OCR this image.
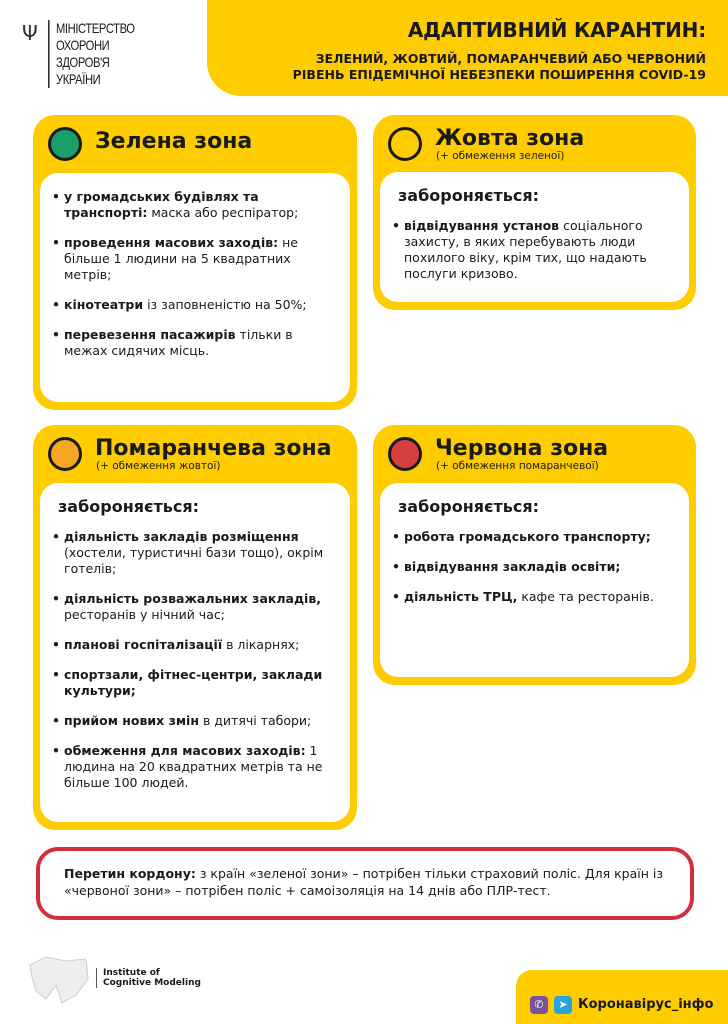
Ψ МІНІСТЕРСТВО
ОХОРОНИ
ЗДОРОВ'Я
УКРАЇНИ
АДАПТИВНИЙ КАРАНТИН:
ЗЕЛЕНИЙ, ЖОВТИЙ, ПОМАРАНЧЕВИЙ АБО ЧЕРВОНИЙ
РІВЕНЬ ЕПІДЕМІЧНОЇ НЕБЕЗПЕКИ ПОШИРЕННЯ COVID-19
Зелена зона
• у громадських будівлях та транспорті: маска або респіратор;
• проведення масових заходів: не більше 1 людини на 5 квадратних метрів;
• кінотеатри із заповненістю на 50%;
• перевезення пасажирів тільки в межах сидячих місць.
Жовта зона
(+ обмеження зеленої)
забороняється:
• відвідування установ соціального захисту, в яких перебувають люди похилого віку, крім тих, що надають послуги кризово.
Помаранчева зона
(+ обмеження жовтої)
забороняється:
• діяльність закладів розміщення (хостели, туристичні бази тощо), окрім готелів;
• діяльність розважальних закладів, ресторанів у нічний час;
• планові госпіталізації в лікарнях;
• спортзали, фітнес-центри, заклади культури;
• прийом нових змін в дитячі табори;
• обмеження для масових заходів: 1 людина на 20 квадратних метрів та не більше 100 людей.
Червона зона
(+ обмеження помаранчевої)
забороняється:
• робота громадського транспорту;
• відвідування закладів освіти;
• діяльність ТРЦ, кафе та ресторанів.
Перетин кордону: з країн «зеленої зони» – потрібен тільки страховий поліс. Для країн із «червоної зони» – потрібен поліс + самоізоляція на 14 днів або ПЛР-тест.
Institute of
Cognitive Modeling
✆	➤ Коронавірус_інфо
